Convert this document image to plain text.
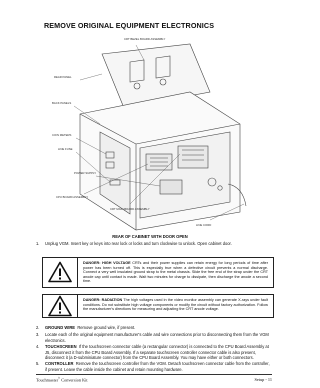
REMOVE ORIGINAL EQUIPMENT ELECTRONICS
CRT BEZEL BOARD ASSEMBLY
REAR PANEL
BACK PANELS
COIN METERS
LINE FUSE
POWER SUPPLY
CPU BOARD ASSEMBLY
CRT MAIN BOARD ASSEMBLY
LINE CORD
REAR OF CABINET WITH DOOR OPEN
1.	Unplug VGM. Insert key or keys into rear lock or locks and turn clockwise to unlock. Open cabinet door.
DANGER: HIGH VOLTAGE CRTs and their power supplies can retain energy for long periods of time after power has been turned off. This is especially true when a defective circuit prevents a normal discharge. Connect a very well insulated ground strap to the metal chassis. Slide the free end of the strap under the CRT anode cap until contact is made. Wait two minutes for charge to dissipate, then discharge the anode a second time.
DANGER: RADIATION The high voltages used in the video monitor assembly can generate X-rays under fault conditions. Do not substitute high voltage components or modify the circuit without factory authorization. Follow the manufacturer's directions for measuring and adjusting the CRT anode voltage.
2.	GROUND WIRE Remove ground wire, if present.
3.	Locate each of the original equipment manufacturer's cable and wire connections prior to disconnecting them from the VGM electronics.
4.	TOUCHSCREEN If the touchscreen connector cable (a rectangular connector) is connected to the CPU Board Assembly at J5, disconnect it from the CPU Board Assembly. If a separate touchscreen controller connector cable is also present, disconnect it (a D-subminiature connector) from the CPU Board Assembly. You may have either or both connectors.
5.	CONTROLLER Remove the touchscreen controller from the VGM. Detach touchscreen connector cable from the controller, if present. Leave the cable inside the cabinet and retain mounting hardware.
Touchmaster® Conversion Kit	Setup - 11
